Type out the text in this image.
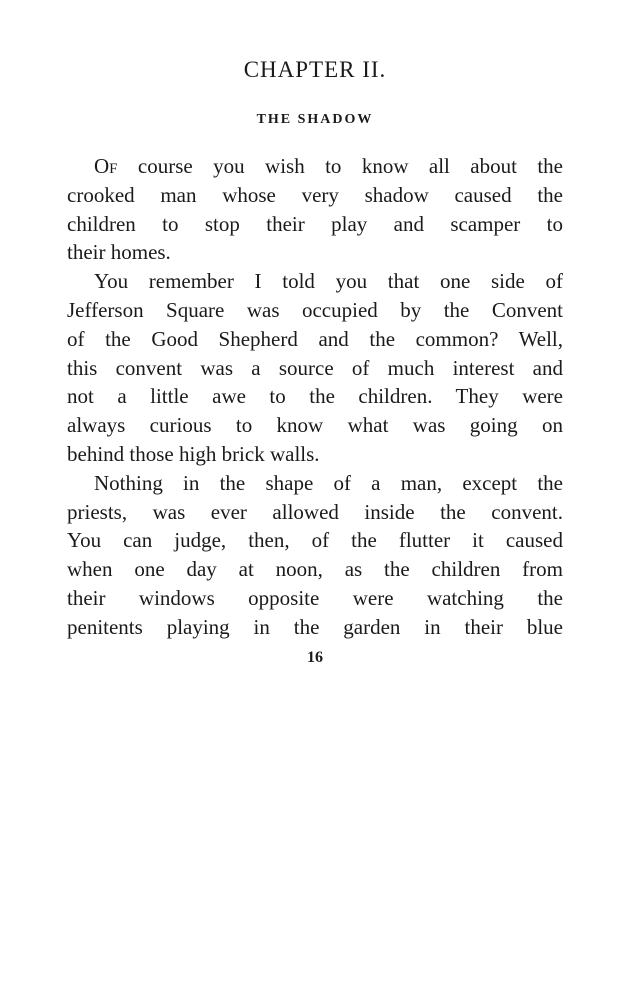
CHAPTER II.
THE SHADOW
Of course you wish to know all about the
crooked man whose very shadow caused the
children to stop their play and scamper to
their homes.
You remember I told you that one side of
Jefferson Square was occupied by the Convent
of the Good Shepherd and the common? Well,
this convent was a source of much interest and
not a little awe to the children. They were
always curious to know what was going on
behind those high brick walls.
Nothing in the shape of a man, except the
priests, was ever allowed inside the convent.
You can judge, then, of the flutter it caused
when one day at noon, as the children from
their windows opposite were watching the
penitents playing in the garden in their blue
16
